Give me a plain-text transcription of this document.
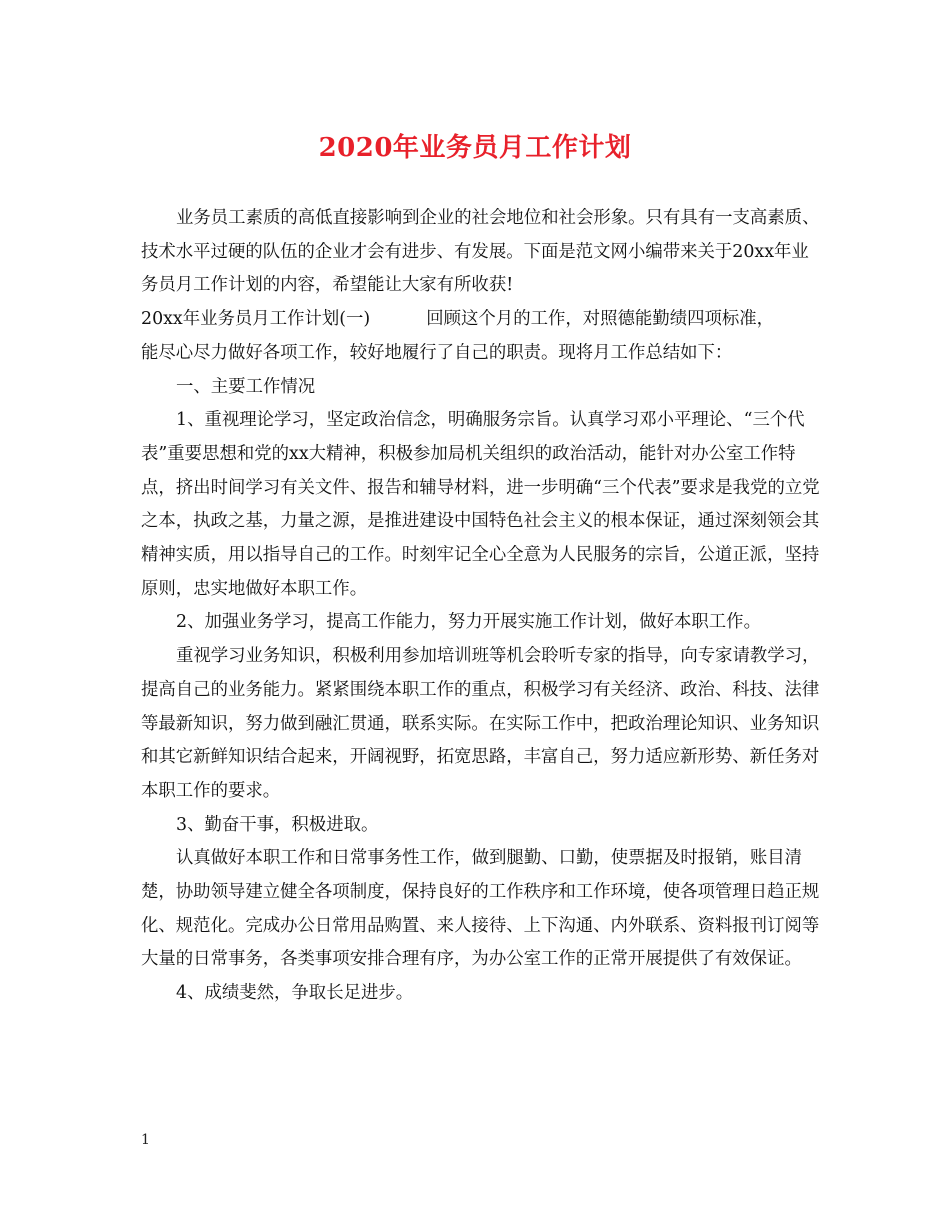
2020年业务员月工作计划

业务员工素质的高低直接影响到企业的社会地位和社会形象。只有具有一支高素质、技术水平过硬的队伍的企业才会有进步、有发展。下面是范文网小编带来关于20xx年业务员月工作计划的内容，希望能让大家有所收获!

20xx年业务员月工作计划(一)	回顾这个月的工作，对照德能勤绩四项标准，

能尽心尽力做好各项工作，较好地履行了自己的职责。现将月工作总结如下：

一、主要工作情况

1、重视理论学习，坚定政治信念，明确服务宗旨。认真学习邓小平理论、“三个代表”重要思想和党的xx大精神，积极参加局机关组织的政治活动，能针对办公室工作特点，挤出时间学习有关文件、报告和辅导材料，进一步明确“三个代表”要求是我党的立党之本，执政之基，力量之源，是推进建设中国特色社会主义的根本保证，通过深刻领会其精神实质，用以指导自己的工作。时刻牢记全心全意为人民服务的宗旨，公道正派，坚持原则，忠实地做好本职工作。

2、加强业务学习，提高工作能力，努力开展实施工作计划，做好本职工作。

重视学习业务知识，积极利用参加培训班等机会聆听专家的指导，向专家请教学习，提高自己的业务能力。紧紧围绕本职工作的重点，积极学习有关经济、政治、科技、法律等最新知识，努力做到融汇贯通，联系实际。在实际工作中，把政治理论知识、业务知识和其它新鲜知识结合起来，开阔视野，拓宽思路，丰富自己，努力适应新形势、新任务对本职工作的要求。

3、勤奋干事，积极进取。

认真做好本职工作和日常事务性工作，做到腿勤、口勤，使票据及时报销，账目清楚，协助领导建立健全各项制度，保持良好的工作秩序和工作环境，使各项管理日趋正规化、规范化。完成办公日常用品购置、来人接待、上下沟通、内外联系、资料报刊订阅等大量的日常事务，各类事项安排合理有序，为办公室工作的正常开展提供了有效保证。

4、成绩斐然，争取长足进步。

1
